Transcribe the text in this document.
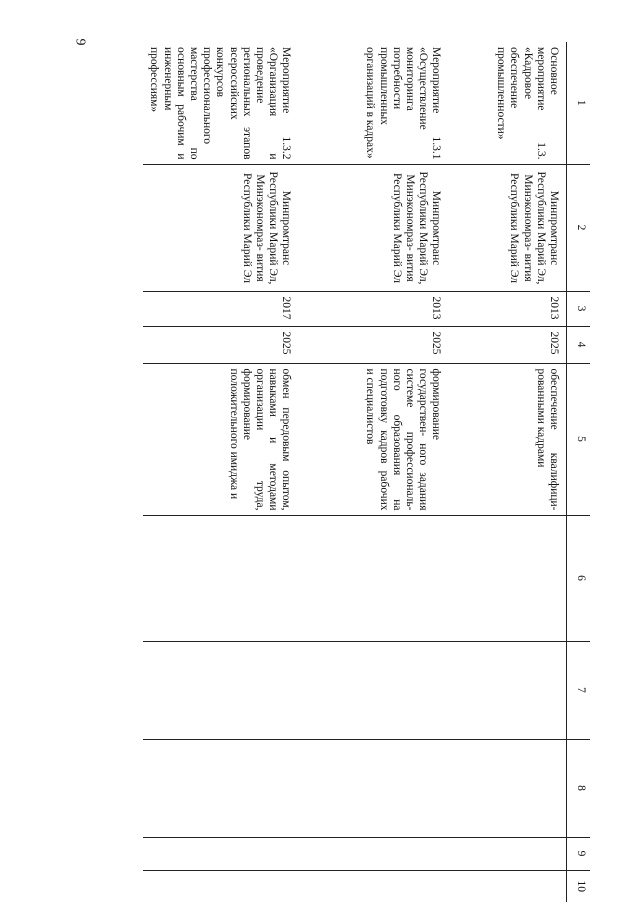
9
1	2	3	4	5	6	7	8	9	10
Основное мероприятие 1.3. «Кадровое обеспечение промышленности»	Минпромтранс Республики Марий Эл, Минэкономраз- вития Республики Марий Эл	2013	2025	обеспечение квалифици- рованными кадрами					
Мероприятие 1.3.1 «Осуществление мониторинга потребности промышленных организаций в кадрах»	Минпромтранс Республики Марий Эл, Минэкономраз- вития Республики Марий Эл	2013	2025	формирование государствен- ного задания системе профессиональ- ного образования на подготовку кадров рабочих и специалистов					
Мероприятие 1.3.2 «Организация и проведение региональных этапов всероссийских конкурсов профессионального мастерства по основным рабочим и инженерным профессиям»	Минпромтранс Республики Марий Эл, Минэкономраз- вития Республики Марий Эл	2017	2025	обмен передовым опытом, навыками и методами организации труда, формирование положительного имиджа и					
